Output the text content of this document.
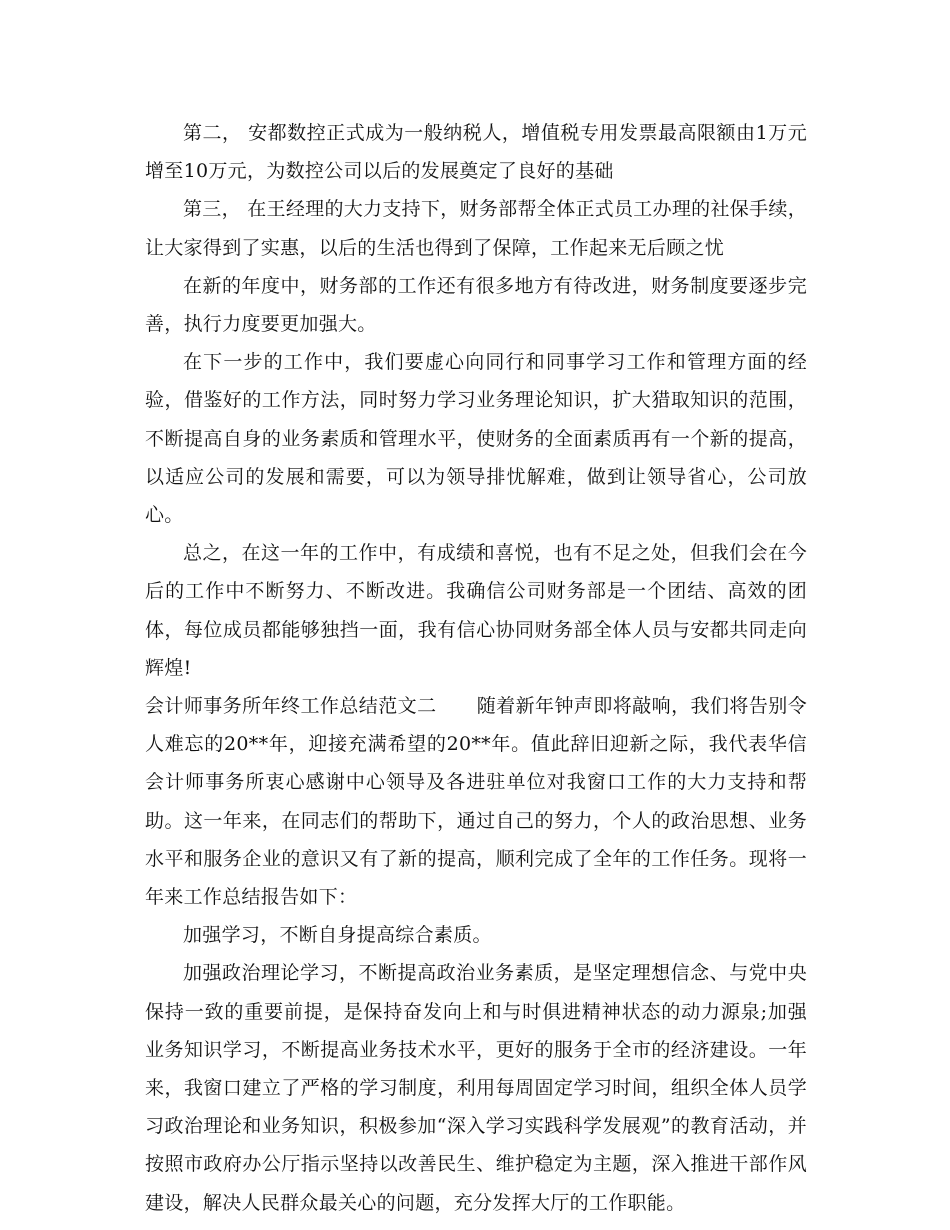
第二， 安都数控正式成为一般纳税人，增值税专用发票最高限额由1万元增至10万元，为数控公司以后的发展奠定了良好的基础

第三， 在王经理的大力支持下，财务部帮全体正式员工办理的社保手续，让大家得到了实惠，以后的生活也得到了保障，工作起来无后顾之忧

在新的年度中，财务部的工作还有很多地方有待改进，财务制度要逐步完善，执行力度要更加强大。

在下一步的工作中，我们要虚心向同行和同事学习工作和管理方面的经验，借鉴好的工作方法，同时努力学习业务理论知识，扩大猎取知识的范围，不断提高自身的业务素质和管理水平，使财务的全面素质再有一个新的提高，以适应公司的发展和需要，可以为领导排忧解难，做到让领导省心，公司放心。

总之，在这一年的工作中，有成绩和喜悦，也有不足之处，但我们会在今后的工作中不断努力、不断改进。我确信公司财务部是一个团结、高效的团体，每位成员都能够独挡一面，我有信心协同财务部全体人员与安都共同走向辉煌!

会计师事务所年终工作总结范文二 随着新年钟声即将敲响，我们将告别令人难忘的20**年，迎接充满希望的20**年。值此辞旧迎新之际，我代表华信会计师事务所衷心感谢中心领导及各进驻单位对我窗口工作的大力支持和帮助。这一年来，在同志们的帮助下，通过自己的努力，个人的政治思想、业务水平和服务企业的意识又有了新的提高，顺利完成了全年的工作任务。现将一年来工作总结报告如下：

加强学习，不断自身提高综合素质。

加强政治理论学习，不断提高政治业务素质，是坚定理想信念、与党中央保持一致的重要前提，是保持奋发向上和与时俱进精神状态的动力源泉;加强业务知识学习，不断提高业务技术水平，更好的服务于全市的经济建设。一年来，我窗口建立了严格的学习制度，利用每周固定学习时间，组织全体人员学习政治理论和业务知识，积极参加“深入学习实践科学发展观”的教育活动，并按照市政府办公厅指示坚持以改善民生、维护稳定为主题，深入推进干部作风建设，解决人民群众最关心的问题，充分发挥大厅的工作职能。
